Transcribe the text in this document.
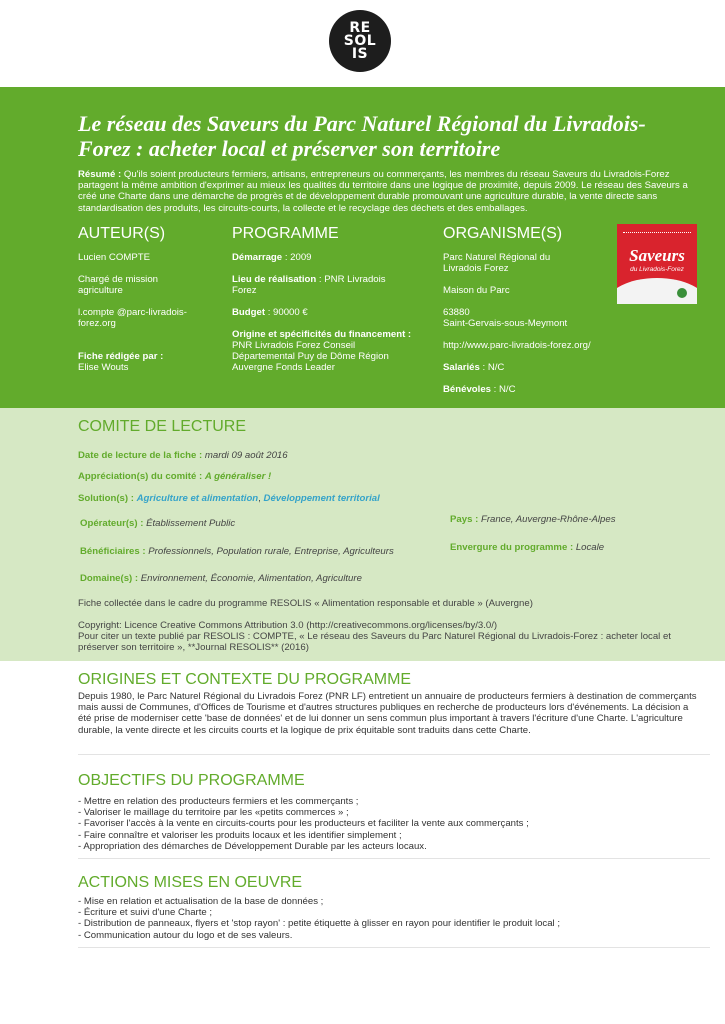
RE
SOL
IS
Le réseau des Saveurs du Parc Naturel Régional du Livradois-Forez : acheter local et préserver son territoire

Résumé : Qu'ils soient producteurs fermiers, artisans, entrepreneurs ou commerçants, les membres du réseau Saveurs du Livradois-Forez partagent la même ambition d'exprimer au mieux les qualités du territoire dans une logique de proximité, depuis 2009. Le réseau des Saveurs a créé une Charte dans une démarche de progrès et de développement durable promouvant une agriculture durable, la vente directe sans standardisation des produits, les circuits-courts, la collecte et le recyclage des déchets et des emballages.

AUTEUR(S)

Lucien COMPTE

Chargé de mission agriculture

l.compte @parc-livradois-forez.org

Fiche rédigée par :

Elise Wouts

PROGRAMME

Démarrage : 2009

Lieu de réalisation : PNR Livradois Forez

Budget : 90000 €

Origine et spécificités du financement :

PNR Livradois Forez Conseil Départemental Puy de Dôme Région Auvergne Fonds Leader

ORGANISME(S)

Parc Naturel Régional du Livradois Forez

Maison du Parc

63880
Saint-Gervais-sous-Meymont

http://www.parc-livradois-forez.org/

Salariés : N/C

Bénévoles : N/C

Saveurs
du Livradois-Forez
COMITE DE LECTURE
Date de lecture de la fiche : mardi 09 août 2016
Appréciation(s) du comité : A généraliser !
Solution(s) : Agriculture et alimentation, Développement territorial
Opérateur(s) : Établissement Public	Pays : France, Auvergne-Rhône-Alpes
Bénéficiaires : Professionnels, Population rurale, Entreprise, Agriculteurs	Envergure du programme : Locale
Domaine(s) : Environnement, Économie, Alimentation, Agriculture
Fiche collectée dans le cadre du programme RESOLIS « Alimentation responsable et durable » (Auvergne)
Copyright: Licence Creative Commons Attribution 3.0 (http://creativecommons.org/licenses/by/3.0/)
Pour citer un texte publié par RESOLIS : COMPTE, « Le réseau des Saveurs du Parc Naturel Régional du Livradois-Forez : acheter local et préserver son territoire », **Journal RESOLIS** (2016)
ORIGINES ET CONTEXTE DU PROGRAMME

Depuis 1980, le Parc Naturel Régional du Livradois Forez (PNR LF) entretient un annuaire de producteurs fermiers à destination de commerçants mais aussi de Communes, d'Offices de Tourisme et d'autres structures publiques en recherche de producteurs lors d'événements. La décision a été prise de moderniser cette 'base de données' et de lui donner un sens commun plus important à travers l'écriture d'une Charte. L'agriculture durable, la vente directe et les circuits courts et la logique de prix équitable sont traduits dans cette Charte.

OBJECTIFS DU PROGRAMME
- Mettre en relation des producteurs fermiers et les commerçants ;
- Valoriser le maillage du territoire par les «petits commerces » ;
- Favoriser l'accès à la vente en circuits-courts pour les producteurs et faciliter la vente aux commerçants ;
- Faire connaître et valoriser les produits locaux et les identifier simplement ;
- Appropriation des démarches de Développement Durable par les acteurs locaux.
ACTIONS MISES EN OEUVRE
- Mise en relation et actualisation de la base de données ;
- Écriture et suivi d'une Charte ;
- Distribution de panneaux, flyers et 'stop rayon' : petite étiquette à glisser en rayon pour identifier le produit local ;
- Communication autour du logo et de ses valeurs.
